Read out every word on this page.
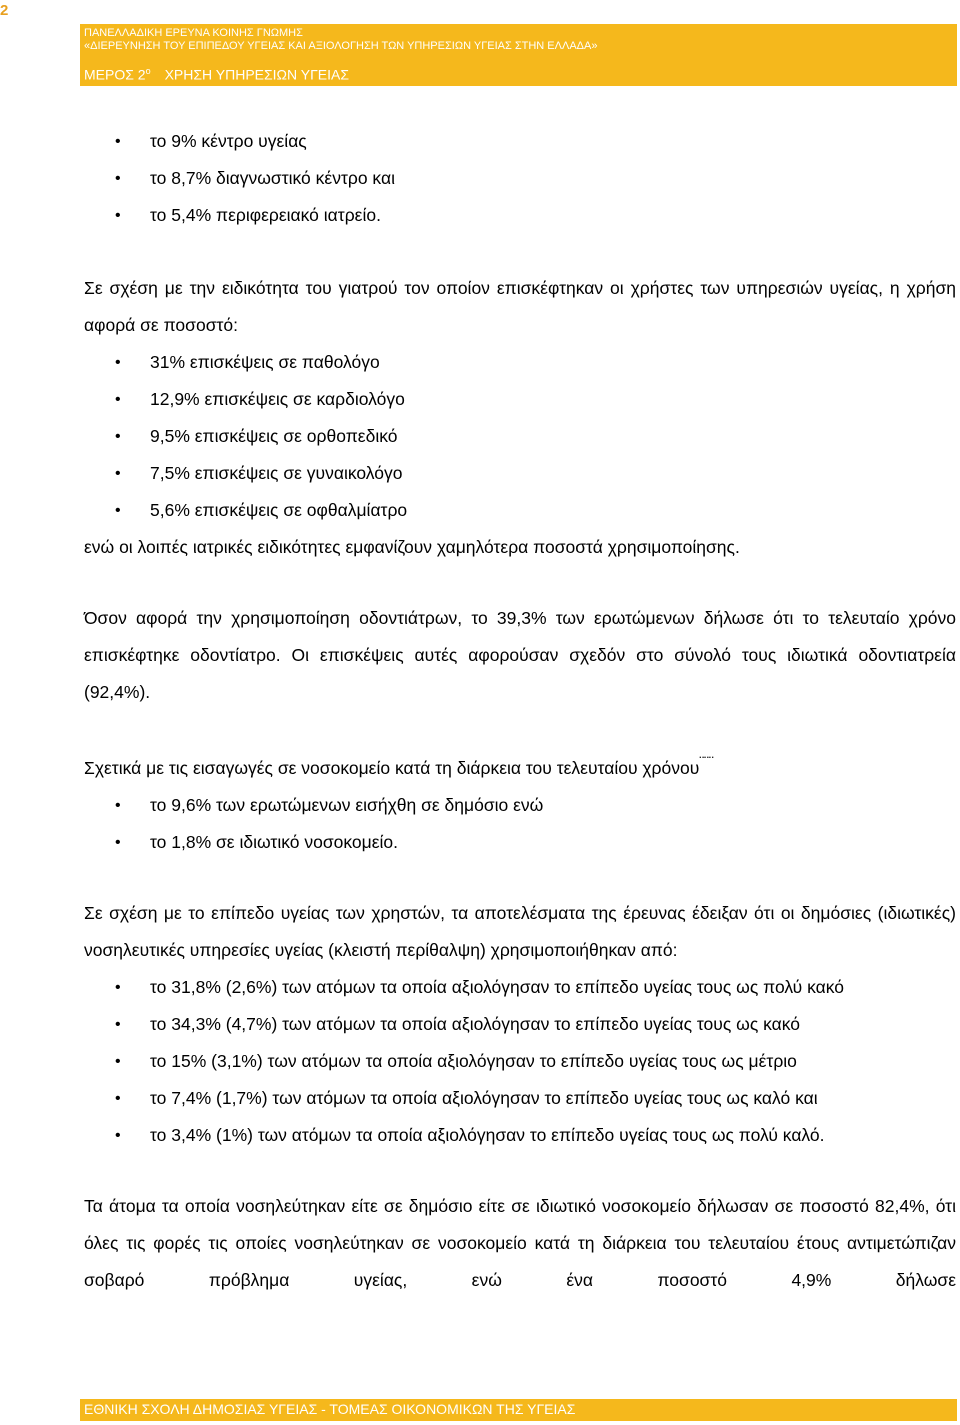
2
ΠΑΝΕΛΛΑΔΙΚΗ ΕΡΕΥΝΑ ΚΟΙΝΗΣ ΓΝΩΜΗΣ
«ΔΙΕΡΕΥΝΗΣΗ ΤΟΥ ΕΠΙΠΕΔΟΥ ΥΓΕΙΑΣ ΚΑΙ ΑΞΙΟΛΟΓΗΣΗ ΤΩΝ ΥΠΗΡΕΣΙΩΝ ΥΓΕΙΑΣ ΣΤΗΝ ΕΛΛΑΔΑ»
ΜΕΡΟΣ $2^o$ ΧΡΗΣΗ ΥΠΗΡΕΣΙΩΝ ΥΓΕΙΑΣ
• το 9% κέντρο υγείας
• το 8,7% διαγνωστικό κέντρο και
• το 5,4% περιφερειακό ιατρείο.

Σε σχέση με την ειδικότητα του γιατρού τον οποίον επισκέφτηκαν οι χρήστες των υπηρεσιών υγείας, η χρήση αφορά σε ποσοστό:

• 31% επισκέψεις σε παθολόγο
• 12,9% επισκέψεις σε καρδιολόγο
• 9,5% επισκέψεις σε ορθοπεδικό
• 7,5% επισκέψεις σε γυναικολόγο
• 5,6% επισκέψεις σε οφθαλμίατρο

ενώ οι λοιπές ιατρικές ειδικότητες εμφανίζουν χαμηλότερα ποσοστά χρησιμοποίησης.

Όσον αφορά την χρησιμοποίηση οδοντιάτρων, το 39,3% των ερωτώμενων δήλωσε ότι το τελευταίο χρόνο επισκέφτηκε οδοντίατρο. Οι επισκέψεις αυτές αφορούσαν σχεδόν στο σύνολό τους ιδιωτικά οδοντιατρεία (92,4%).

Σχετικά με τις εισαγωγές σε νοσοκομείο κατά τη διάρκεια του τελευταίου χρόνου¨¨¨

• το 9,6% των ερωτώμενων εισήχθη σε δημόσιο ενώ
• το 1,8% σε ιδιωτικό νοσοκομείο.

Σε σχέση με το επίπεδο υγείας των χρηστών, τα αποτελέσματα της έρευνας έδειξαν ότι οι δημόσιες (ιδιωτικές) νοσηλευτικές υπηρεσίες υγείας (κλειστή περίθαλψη) χρησιμοποιήθηκαν από:

• το 31,8% (2,6%) των ατόμων τα οποία αξιολόγησαν το επίπεδο υγείας τους ως πολύ κακό
• το 34,3% (4,7%) των ατόμων τα οποία αξιολόγησαν το επίπεδο υγείας τους ως κακό
• το 15% (3,1%) των ατόμων τα οποία αξιολόγησαν το επίπεδο υγείας τους ως μέτριο
• το 7,4% (1,7%) των ατόμων τα οποία αξιολόγησαν το επίπεδο υγείας τους ως καλό και
• το 3,4% (1%) των ατόμων τα οποία αξιολόγησαν το επίπεδο υγείας τους ως πολύ καλό.

Τα άτομα τα οποία νοσηλεύτηκαν είτε σε δημόσιο είτε σε ιδιωτικό νοσοκομείο δήλωσαν σε ποσοστό 82,4%, ότι όλες τις φορές τις οποίες νοσηλεύτηκαν σε νοσοκομείο κατά τη διάρκεια του τελευταίου έτους αντιμετώπιζαν σοβαρό πρόβλημα υγείας, ενώ ένα ποσοστό 4,9% δήλωσε

ΕΘΝΙΚΗ ΣΧΟΛΗ ΔΗΜΟΣΙΑΣ ΥΓΕΙΑΣ - ΤΟΜΕΑΣ ΟΙΚΟΝΟΜΙΚΩΝ ΤΗΣ ΥΓΕΙΑΣ
